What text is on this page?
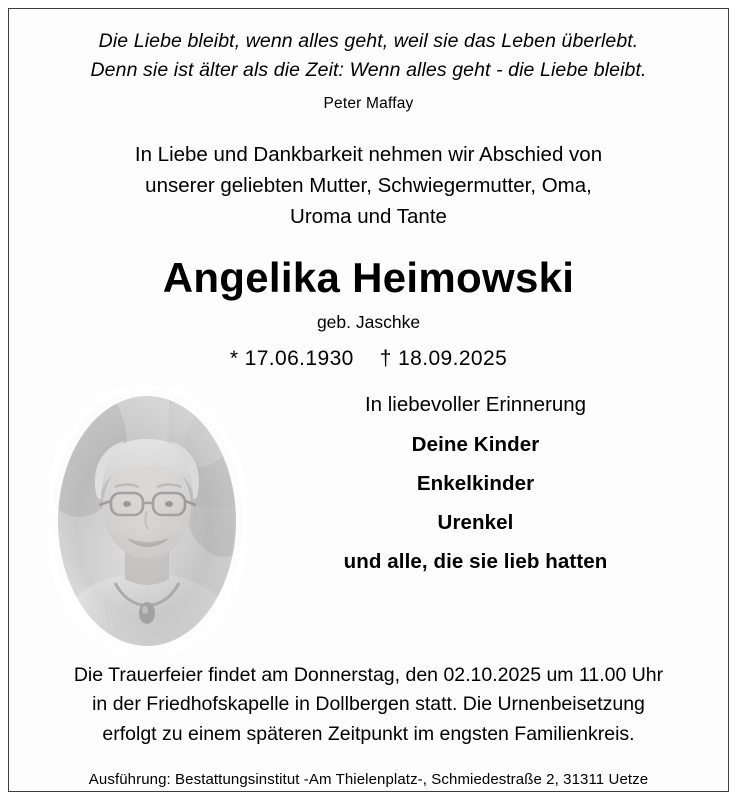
Die Liebe bleibt, wenn alles geht, weil sie das Leben überlebt.
Denn sie ist älter als die Zeit: Wenn alles geht - die Liebe bleibt.
Peter Maffay
In Liebe und Dankbarkeit nehmen wir Abschied von
unserer geliebten Mutter, Schwiegermutter, Oma,
Uroma und Tante
Angelika Heimowski
geb. Jaschke
* 17.06.1930 † 18.09.2025
In liebevoller Erinnerung
Deine Kinder
Enkelkinder
Urenkel
und alle, die sie lieb hatten
Die Trauerfeier findet am Donnerstag, den 02.10.2025 um 11.00 Uhr
in der Friedhofskapelle in Dollbergen statt. Die Urnenbeisetzung
erfolgt zu einem späteren Zeitpunkt im engsten Familienkreis.
Ausführung: Bestattungsinstitut -Am Thielenplatz-, Schmiedestraße 2, 31311 Uetze
